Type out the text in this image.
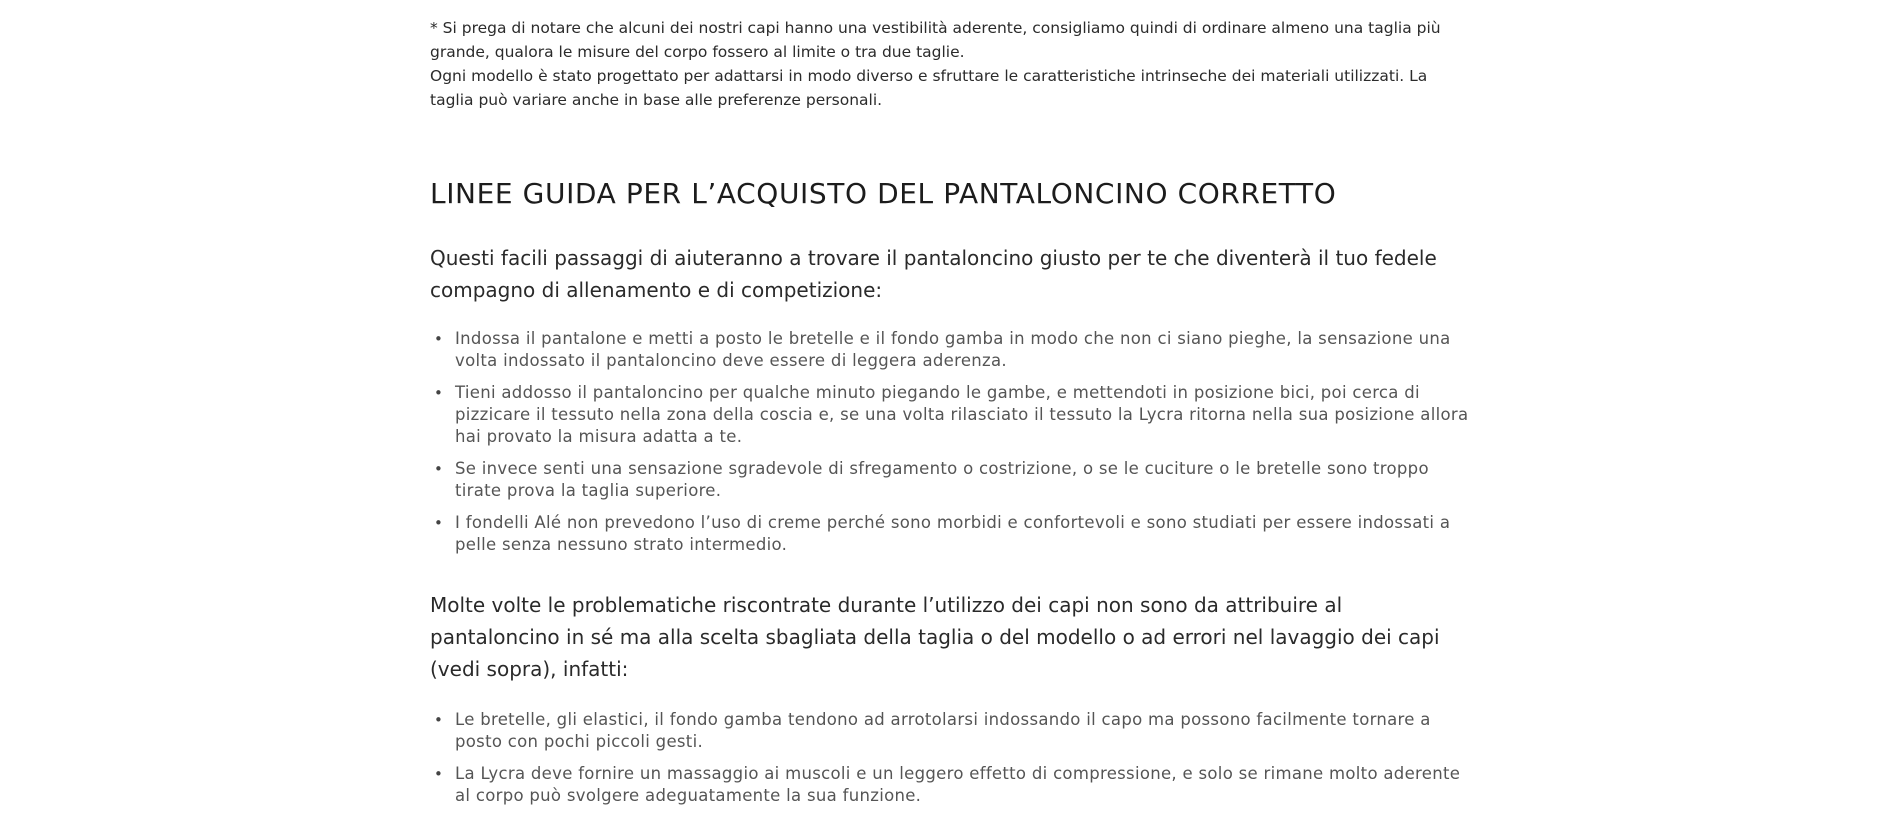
* Si prega di notare che alcuni dei nostri capi hanno una vestibilità aderente, consigliamo quindi di ordinare almeno una taglia più grande, qualora le misure del corpo fossero al limite o tra due taglie.

Ogni modello è stato progettato per adattarsi in modo diverso e sfruttare le caratteristiche intrinseche dei materiali utilizzati. La taglia può variare anche in base alle preferenze personali.

LINEE GUIDA PER L’ACQUISTO DEL PANTALONCINO CORRETTO

Questi facili passaggi di aiuteranno a trovare il pantaloncino giusto per te che diventerà il tuo fedele compagno di allenamento e di competizione:

• Indossa il pantalone e metti a posto le bretelle e il fondo gamba in modo che non ci siano pieghe, la sensazione una volta indossato il pantaloncino deve essere di leggera aderenza.
• Tieni addosso il pantaloncino per qualche minuto piegando le gambe, e mettendoti in posizione bici, poi cerca di pizzicare il tessuto nella zona della coscia e, se una volta rilasciato il tessuto la Lycra ritorna nella sua posizione allora hai provato la misura adatta a te.
• Se invece senti una sensazione sgradevole di sfregamento o costrizione, o se le cuciture o le bretelle sono troppo tirate prova la taglia superiore.
• I fondelli Alé non prevedono l’uso di creme perché sono morbidi e confortevoli e sono studiati per essere indossati a pelle senza nessuno strato intermedio.

Molte volte le problematiche riscontrate durante l’utilizzo dei capi non sono da attribuire al pantaloncino in sé ma alla scelta sbagliata della taglia o del modello o ad errori nel lavaggio dei capi (vedi sopra), infatti:

• Le bretelle, gli elastici, il fondo gamba tendono ad arrotolarsi indossando il capo ma possono facilmente tornare a posto con pochi piccoli gesti.
• La Lycra deve fornire un massaggio ai muscoli e un leggero effetto di compressione, e solo se rimane molto aderente al corpo può svolgere adeguatamente la sua funzione.
